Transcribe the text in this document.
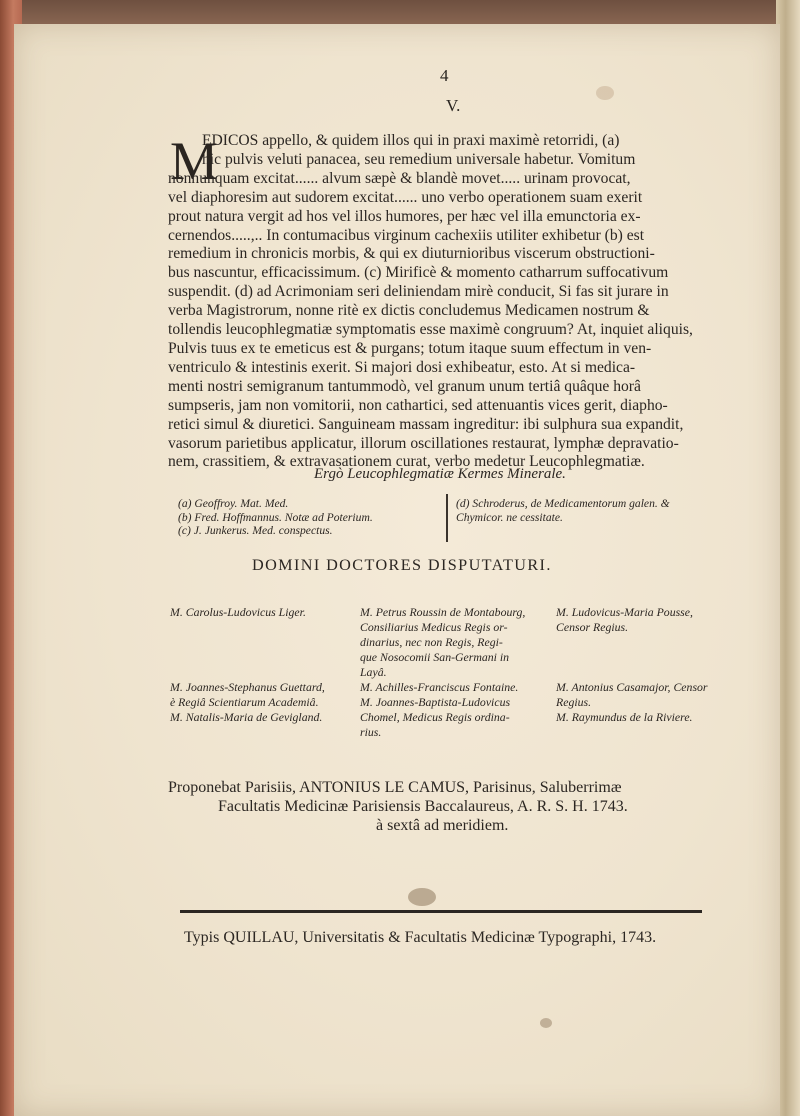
4
V.
M
EDICOS appello, & quidem illos qui in praxi maximè retorridi, (a)
hic pulvis veluti panacea, seu remedium universale habetur. Vomitum
nonnunquam excitat...... alvum sæpè & blandè movet..... urinam provocat,
vel diaphoresim aut sudorem excitat...... uno verbo operationem suam exerit
prout natura vergit ad hos vel illos humores, per hæc vel illa emunctoria ex-
cernendos.....,.. In contumacibus virginum cachexiis utiliter exhibetur (b) est
remedium in chronicis morbis, & qui ex diuturnioribus viscerum obstructioni-
bus nascuntur, efficacissimum. (c) Mirificè & momento catharrum suffocativum
suspendit. (d) ad Acrimoniam seri deliniendam mirè conducit, Si fas sit jurare in
verba Magistrorum, nonne ritè ex dictis concludemus Medicamen nostrum &
tollendis leucophlegmatiæ symptomatis esse maximè congruum? At, inquiet aliquis,
Pulvis tuus ex te emeticus est & purgans; totum itaque suum effectum in ven-
ventriculo & intestinis exerit. Si majori dosi exhibeatur, esto. At si medica-
menti nostri semigranum tantummodò, vel granum unum tertiâ quâque horâ
sumpseris, jam non vomitorii, non cathartici, sed attenuantis vices gerit, diapho-
retici simul & diuretici. Sanguineam massam ingreditur: ibi sulphura sua expandit,
vasorum parietibus applicatur, illorum oscillationes restaurat, lymphæ depravatio-
nem, crassitiem, & extravasationem curat, verbo medetur Leucophlegmatiæ.
Ergò Leucophlegmatiæ Kermes Minerale.
(a) Geoffroy. Mat. Med.
(b) Fred. Hoffmannus. Notæ ad Poterium.
(c) J. Junkerus. Med. conspectus.
(d) Schroderus, de Medicamentorum galen. &
Chymicor. ne cessitate.
DOMINI DOCTORES DISPUTATURI.
M. Carolus-Ludovicus Liger.

M. Joannes-Stephanus Guettard,
è Regiâ Scientiarum Academiâ.
M. Natalis-Maria de Gevigland.
M. Petrus Roussin de Montabourg,
Consiliarius Medicus Regis or-
dinarius, nec non Regis, Regi-
que Nosocomii San-Germani in
Layâ.
M. Achilles-Franciscus Fontaine.
M. Joannes-Baptista-Ludovicus
Chomel, Medicus Regis ordina-
rius.
M. Ludovicus-Maria Pousse,
Censor Regius.

M. Antonius Casamajor, Censor
Regius.
M. Raymundus de la Riviere.
Proponebat Parisiis, ANTONIUS LE CAMUS, Parisinus, Saluberrimæ
Facultatis Medicinæ Parisiensis Baccalaureus, A. R. S. H. 1743.
à sextâ ad meridiem.
Typis QUILLAU, Universitatis & Facultatis Medicinæ Typographi, 1743.
